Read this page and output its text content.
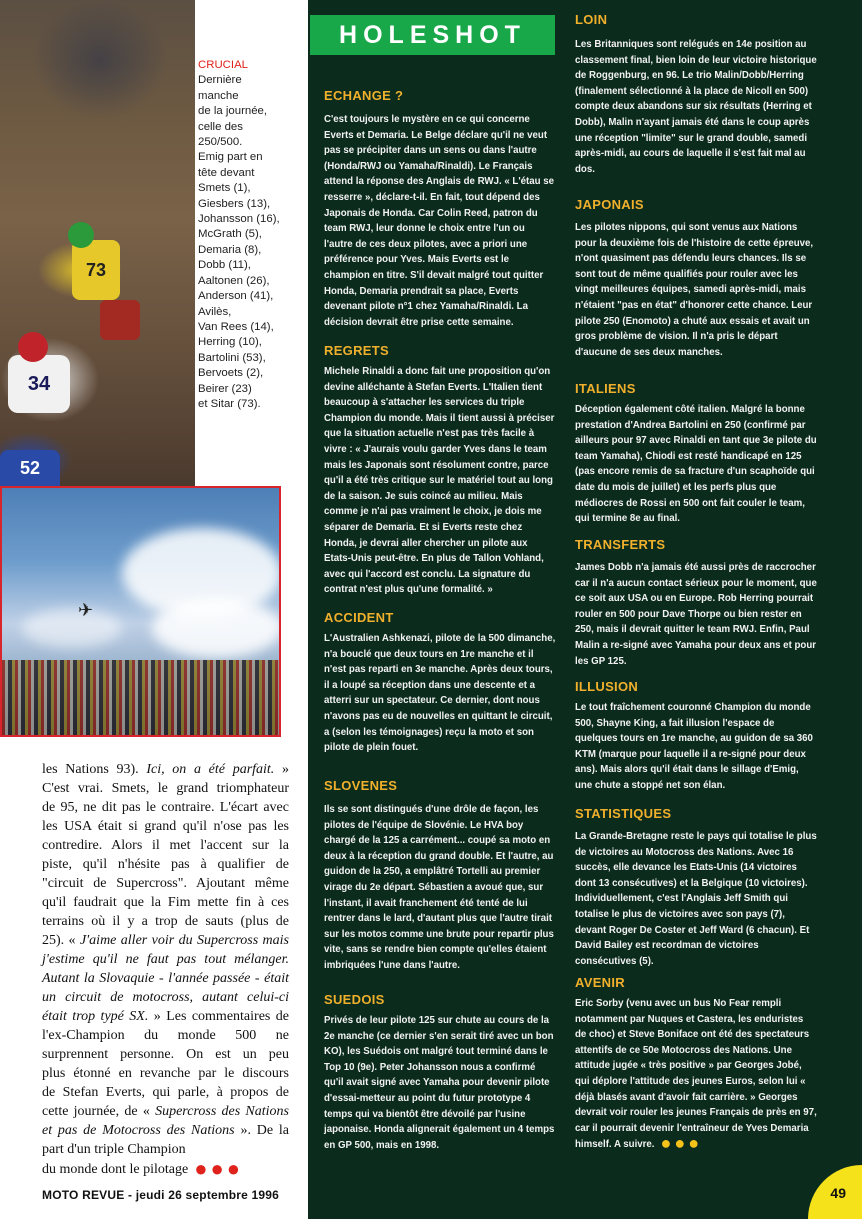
73
34
52
CRUCIAL
Dernière
manche
de la journée,
celle des
250/500.
Emig part en
tête devant
Smets (1),
Giesbers (13),
Johansson (16),
McGrath (5),
Demaria (8),
Dobb (11),
Aaltonen (26),
Anderson (41),
Avilès,
Van Rees (14),
Herring (10),
Bartolini (53),
Bervoets (2),
Beirer (23)
et Sitar (73).
✈
les Nations 93). Ici, on a été parfait. »
C'est vrai. Smets, le grand triomphateur
de 95, ne dit pas le contraire. L'écart avec
les USA était si grand qu'il n'ose pas les
contredire. Alors il met l'accent sur la
piste, qu'il n'hésite pas à qualifier de
"circuit de Supercross". Ajoutant même
qu'il faudrait que la Fim mette fin à ces
terrains où il y a trop de sauts (plus de
25). « J'aime aller voir du Supercross mais
j'estime qu'il ne faut pas tout mélanger.
Autant la Slovaquie - l'année passée - était
un circuit de motocross, autant celui-ci
était trop typé SX. » Les commentaires de
l'ex-Champion du monde 500 ne
surprennent personne. On est un peu
plus étonné en revanche par le discours
de Stefan Everts, qui parle, à propos de
cette journée, de « Supercross des Nations
et pas de Motocross des Nations ». De la
part d'un triple Champion
du monde dont le pilotage ●●●
MOTO REVUE - jeudi 26 septembre 1996
HOLESHOT
ECHANGE ?
C'est toujours le mystère en ce qui concerne Everts et Demaria. Le Belge déclare qu'il ne veut pas se précipiter dans un sens ou dans l'autre (Honda/RWJ ou Yamaha/Rinaldi). Le Français attend la réponse des Anglais de RWJ. « L'étau se resserre », déclare-t-il. En fait, tout dépend des Japonais de Honda. Car Colin Reed, patron du team RWJ, leur donne le choix entre l'un ou l'autre de ces deux pilotes, avec a priori une préférence pour Yves. Mais Everts est le champion en titre. S'il devait malgré tout quitter Honda, Demaria prendrait sa place, Everts devenant pilote n°1 chez Yamaha/Rinaldi. La décision devrait être prise cette semaine.
REGRETS
Michele Rinaldi a donc fait une proposition qu'on devine alléchante à Stefan Everts. L'Italien tient beaucoup à s'attacher les services du triple Champion du monde. Mais il tient aussi à préciser que la situation actuelle n'est pas très facile à vivre : « J'aurais voulu garder Yves dans le team mais les Japonais sont résolument contre, parce qu'il a été très critique sur le matériel tout au long de la saison. Je suis coincé au milieu. Mais comme je n'ai pas vraiment le choix, je dois me séparer de Demaria. Et si Everts reste chez Honda, je devrai aller chercher un pilote aux Etats-Unis peut-être. En plus de Tallon Vohland, avec qui l'accord est conclu. La signature du contrat n'est plus qu'une formalité. »
ACCIDENT
L'Australien Ashkenazi, pilote de la 500 dimanche, n'a bouclé que deux tours en 1re manche et il n'est pas reparti en 3e manche. Après deux tours, il a loupé sa réception dans une descente et a atterri sur un spectateur. Ce dernier, dont nous n'avons pas eu de nouvelles en quittant le circuit, a (selon les témoignages) reçu la moto et son pilote de plein fouet.
SLOVENES
Ils se sont distingués d'une drôle de façon, les pilotes de l'équipe de Slovénie. Le HVA boy chargé de la 125 a carrément... coupé sa moto en deux à la réception du grand double. Et l'autre, au guidon de la 250, a emplâtré Tortelli au premier virage du 2e départ. Sébastien a avoué que, sur l'instant, il avait franchement été tenté de lui rentrer dans le lard, d'autant plus que l'autre tirait sur les motos comme une brute pour repartir plus vite, sans se rendre bien compte qu'elles étaient imbriquées l'une dans l'autre.
SUEDOIS
Privés de leur pilote 125 sur chute au cours de la 2e manche (ce dernier s'en serait tiré avec un bon KO), les Suédois ont malgré tout terminé dans le Top 10 (9e). Peter Johansson nous a confirmé qu'il avait signé avec Yamaha pour devenir pilote d'essai-metteur au point du futur prototype 4 temps qui va bientôt être dévoilé par l'usine japonaise. Honda alignerait également un 4 temps en GP 500, mais en 1998.
LOIN
Les Britanniques sont relégués en 14e position au classement final, bien loin de leur victoire historique de Roggenburg, en 96. Le trio Malin/Dobb/Herring (finalement sélectionné à la place de Nicoll en 500) compte deux abandons sur six résultats (Herring et Dobb), Malin n'ayant jamais été dans le coup après une réception "limite" sur le grand double, samedi après-midi, au cours de laquelle il s'est fait mal au dos.
JAPONAIS
Les pilotes nippons, qui sont venus aux Nations pour la deuxième fois de l'histoire de cette épreuve, n'ont quasiment pas défendu leurs chances. Ils se sont tout de même qualifiés pour rouler avec les vingt meilleures équipes, samedi après-midi, mais n'étaient "pas en état" d'honorer cette chance. Leur pilote 250 (Enomoto) a chuté aux essais et avait un gros problème de vision. Il n'a pris le départ d'aucune de ses deux manches.
ITALIENS
Déception également côté italien. Malgré la bonne prestation d'Andrea Bartolini en 250 (confirmé par ailleurs pour 97 avec Rinaldi en tant que 3e pilote du team Yamaha), Chiodi est resté handicapé en 125 (pas encore remis de sa fracture d'un scaphoïde qui date du mois de juillet) et les perfs plus que médiocres de Rossi en 500 ont fait couler le team, qui termine 8e au final.
TRANSFERTS
James Dobb n'a jamais été aussi près de raccrocher car il n'a aucun contact sérieux pour le moment, que ce soit aux USA ou en Europe. Rob Herring pourrait rouler en 500 pour Dave Thorpe ou bien rester en 250, mais il devrait quitter le team RWJ. Enfin, Paul Malin a re-signé avec Yamaha pour deux ans et pour les GP 125.
ILLUSION
Le tout fraîchement couronné Champion du monde 500, Shayne King, a fait illusion l'espace de quelques tours en 1re manche, au guidon de sa 360 KTM (marque pour laquelle il a re-signé pour deux ans). Mais alors qu'il était dans le sillage d'Emig, une chute a stoppé net son élan.
STATISTIQUES
La Grande-Bretagne reste le pays qui totalise le plus de victoires au Motocross des Nations. Avec 16 succès, elle devance les Etats-Unis (14 victoires dont 13 consécutives) et la Belgique (10 victoires). Individuellement, c'est l'Anglais Jeff Smith qui totalise le plus de victoires avec son pays (7), devant Roger De Coster et Jeff Ward (6 chacun). Et David Bailey est recordman de victoires consécutives (5).
AVENIR
Eric Sorby (venu avec un bus No Fear rempli notamment par Nuques et Castera, les enduristes de choc) et Steve Boniface ont été des spectateurs attentifs de ce 50e Motocross des Nations. Une attitude jugée « très positive » par Georges Jobé, qui déplore l'attitude des jeunes Euros, selon lui « déjà blasés avant d'avoir fait carrière. » Georges devrait voir rouler les jeunes Français de près en 97, car il pourrait devenir l'entraîneur de Yves Demaria himself. A suivre. ●●●
49
